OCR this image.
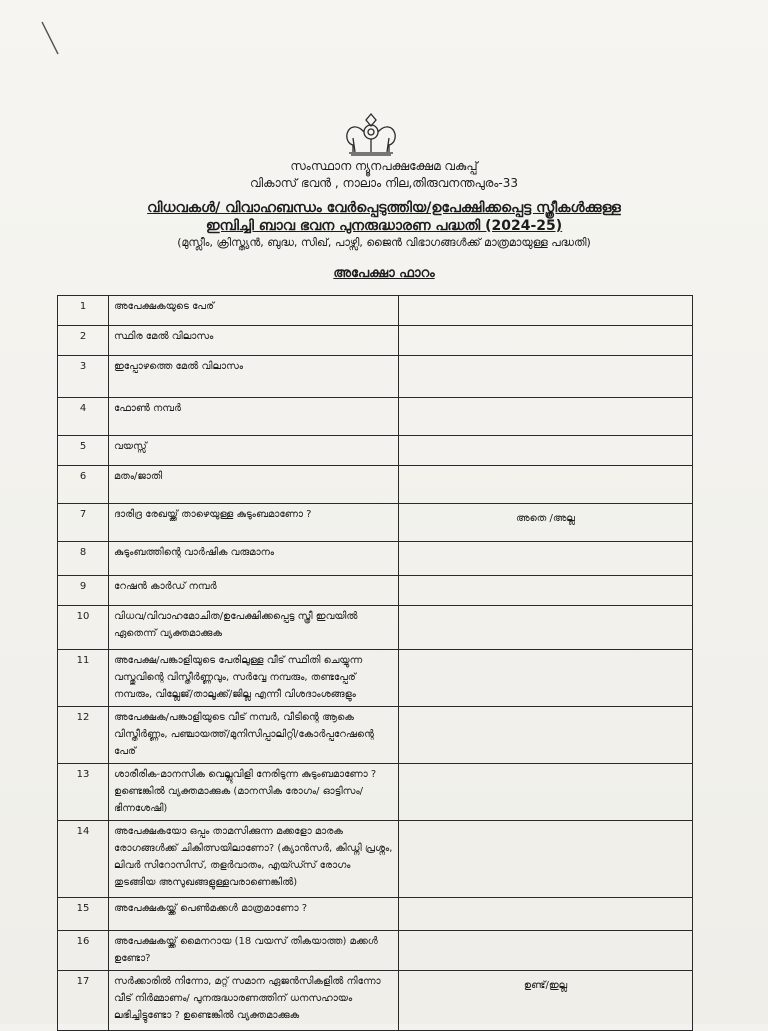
സംസ്ഥാന ന്യൂനപക്ഷക്ഷേമ വകുപ്പ്
വികാസ് ഭവൻ , നാലാം നില,തിരുവനന്തപുരം-33
വിധവകൾ/ വിവാഹബന്ധം വേർപ്പെടുത്തിയ/ഉപേക്ഷിക്കപ്പെട്ട സ്ത്രീകൾക്കുള്ള
ഇമ്പിച്ചി ബാവ ഭവന പുനരുദ്ധാരണ പദ്ധതി (2024-25)
(മുസ്ലീം, ക്രിസ്ത്യൻ, ബുദ്ധ, സിഖ്, പാഴ്സി, ജൈൻ വിഭാഗങ്ങൾക്ക് മാത്രമായുള്ള പദ്ധതി)
അപേക്ഷാ ഫാറം
1	അപേക്ഷകയുടെ പേര്	
2	സ്ഥിര മേൽ വിലാസം	
3	ഇപ്പോഴത്തെ മേൽ വിലാസം	
4	ഫോൺ നമ്പർ	
5	വയസ്സ്	
6	മതം/ജാതി	
7	ദാരിദ്ര രേഖയ്ക്ക് താഴെയുള്ള കുടുംബമാണോ ?	അതെ /അല്ല
8	കുടുംബത്തിന്റെ വാർഷിക വരുമാനം	
9	റേഷൻ കാർഡ് നമ്പർ	
10	വിധവ/വിവാഹമോചിത/ഉപേക്ഷിക്കപ്പെട്ട സ്ത്രീ ഇവയിൽ ഏതെന്ന് വ്യക്തമാക്കുക	
11	അപേക്ഷ/പങ്കാളിയുടെ പേരിലുള്ള വീട് സ്ഥിതി ചെയ്യുന്ന വസ്തുവിന്റെ വിസ്തീർണ്ണവും, സർവ്വേ നമ്പരും, തണ്ടപ്പേര് നമ്പരും, വില്ലേജ്/താലൂക്ക്/ജില്ല എന്നീ വിശദാംശങ്ങളും	
12	അപേക്ഷക/പങ്കാളിയുടെ വീട് നമ്പർ, വീടിന്റെ ആകെ വിസ്തീർണ്ണം, പഞ്ചായത്ത്/മുനിസിപ്പാലിറ്റി/കോർപ്പറേഷന്റെ പേര്	
13	ശാരീരിക-മാനസിക വെല്ലുവിളി നേരിടുന്ന കുടുംബമാണോ ? ഉണ്ടെങ്കിൽ വ്യക്തമാക്കുക (മാനസിക രോഗം/ ഓട്ടിസം/ ഭിന്നശേഷി)	
14	അപേക്ഷകയോ ഒപ്പം താമസിക്കുന്ന മക്കളോ മാരക രോഗങ്ങൾക്ക് ചികിത്സയിലാണോ? (ക്യാൻസർ, കിഡ്നി പ്രശ്നം, ലിവർ സിറോസിസ്, തളർവാതം, എയ്ഡ്സ് രോഗം തുടങ്ങിയ അസുഖങ്ങളുള്ളവരാണെങ്കിൽ)	
15	അപേക്ഷകയ്ക്ക് പെൺമക്കൾ മാത്രമാണോ ?	
16	അപേക്ഷകയ്ക്ക് മൈനറായ (18 വയസ് തികയാത്ത) മക്കൾ ഉണ്ടോ?	
17	സർക്കാരിൽ നിന്നോ, മറ്റ് സമാന ഏജൻസികളിൽ നിന്നോ വീട് നിർമ്മാണം/ പുനരുദ്ധാരണത്തിന് ധനസഹായം ലഭിച്ചിട്ടുണ്ടോ ? ഉണ്ടെങ്കിൽ വ്യക്തമാക്കുക	ഉണ്ട്/ഇല്ല
